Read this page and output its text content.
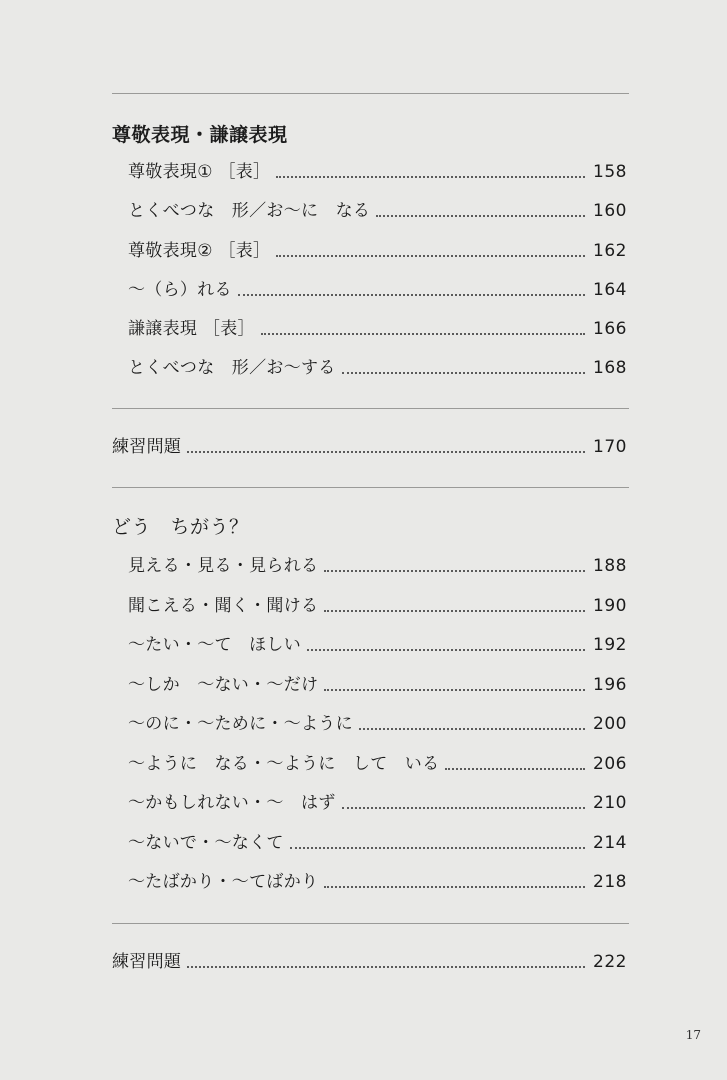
尊敬表現・謙譲表現
尊敬表現① ［表］	158
とくべつな　形／お～に　なる	160
尊敬表現② ［表］	162
～（ら）れる	164
謙譲表現 ［表］	166
とくべつな　形／お～する	168
練習問題	170
どう　ちがう？
見える・見る・見られる	188
聞こえる・聞く・聞ける	190
～たい・～て　ほしい	192
～しか　～ない・～だけ	196
～のに・～ために・～ように	200
～ように　なる・～ように　して　いる	206
～かもしれない・～　はず	210
～ないで・～なくて	214
～たばかり・～てばかり	218
練習問題	222
17
